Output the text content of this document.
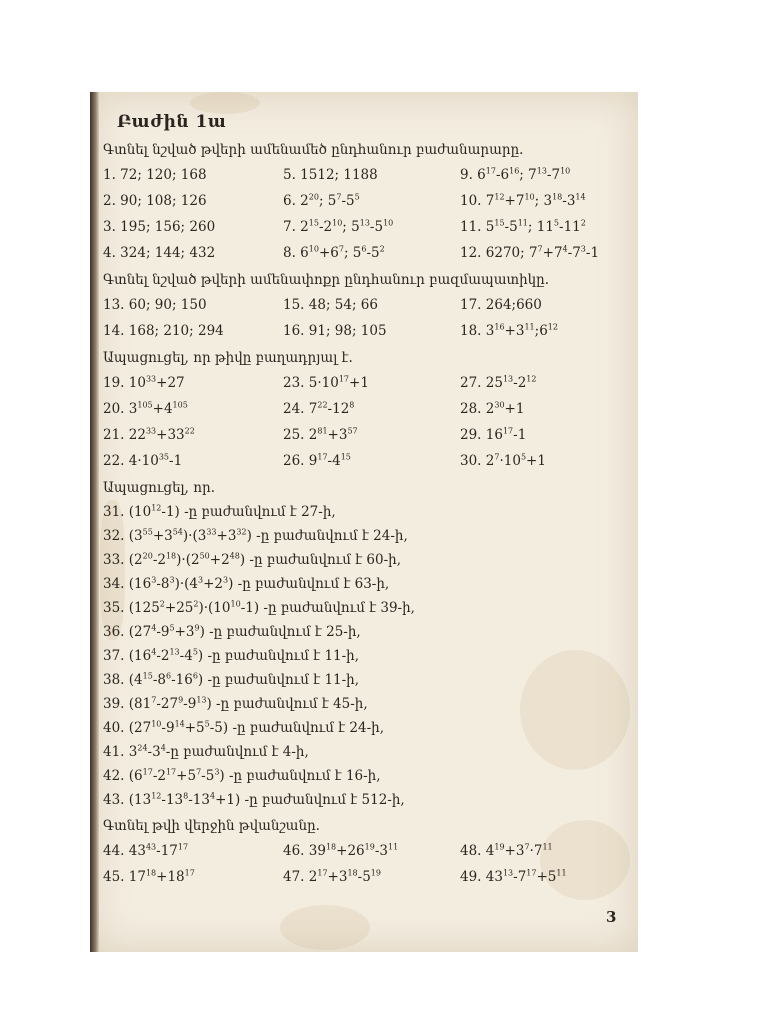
Բաժին 1ա
Գտնել նշված թվերի ամենամեծ ընդհանուր բաժանարարը.
1. 72; 120; 168	5. 1512; 1188	9. $6^{17}-6^{16}$; $7^{13}-7^{10}$
2. 90; 108; 126	6. $2^{20}$; $5^7-5^5$	10. $7^{12}+7^{10}$; $3^{18}-3^{14}$
3. 195; 156; 260	7. $2^{15}-2^{10}$; $5^{13}-5^{10}$	11. $5^{15}-5^{11}$; $11^5-11^2$
4. 324; 144; 432	8. $6^{10}+6^7$; $5^6-5^2$	12. 6270; $7^7+7^4-7^3-1$
Գտնել նշված թվերի ամենափոքր ընդհանուր բազմապատիկը.
13. 60; 90; 150	15. 48; 54; 66	17. 264;660
14. 168; 210; 294	16. 91; 98; 105	18. $3^{16}+3^{11};6^{12}$
Ապացուցել, որ թիվը բաղադրյալ է.
19. $10^{33}+27$	23. $5\cdot 10^{17}+1$	27. $25^{13}-2^{12}$
20. $3^{105}+4^{105}$	24. $7^{22}-12^8$	28. $2^{30}+1$
21. $22^{33}+33^{22}$	25. $2^{81}+3^{57}$	29. $16^{17}-1$
22. $4\cdot 10^{35}-1$	26. $9^{17}-4^{15}$	30. $2^7\cdot 10^5+1$
Ապացուցել, որ.
31. $(10^{12}-1)$ -ը բաժանվում է 27-ի,
32. $(3^{55}+3^{54})\cdot(3^{33}+3^{32})$ -ը բաժանվում է 24-ի,
33. $(2^{20}-2^{18})\cdot(2^{50}+2^{48})$ -ը բաժանվում է 60-ի,
34. $(16^3-8^3)\cdot(4^3+2^3)$ -ը բաժանվում է 63-ի,
35. $(125^2+25^2)\cdot(10^{10}-1)$ -ը բաժանվում է 39-ի,
36. $(27^4-9^5+3^9)$ -ը բաժանվում է 25-ի,
37. $(16^4-2^{13}-4^5)$ -ը բաժանվում է 11-ի,
38. $(4^{15}-8^6-16^6)$ -ը բաժանվում է 11-ի,
39. $(81^7-27^9-9^{13})$ -ը բաժանվում է 45-ի,
40. $(27^{10}-9^{14}+5^5-5)$ -ը բաժանվում է 24-ի,
41. $3^{24}-3^4-ը$ բաժանվում է 4-ի,
42. $(6^{17}-2^{17}+5^7-5^3)$ -ը բաժանվում է 16-ի,
43. $(13^{12}-13^8-13^4+1)$ -ը բաժանվում է 512-ի,
Գտնել թվի վերջին թվանշանը.
44. $43^{43}-17^{17}$	46. $39^{18}+26^{19}-3^{11}$	48. $4^{19}+3^7\cdot 7^{11}$
45. $17^{18}+18^{17}$	47. $2^{17}+3^{18}-5^{19}$	49. $43^{13}-7^{17}+5^{11}$
3
